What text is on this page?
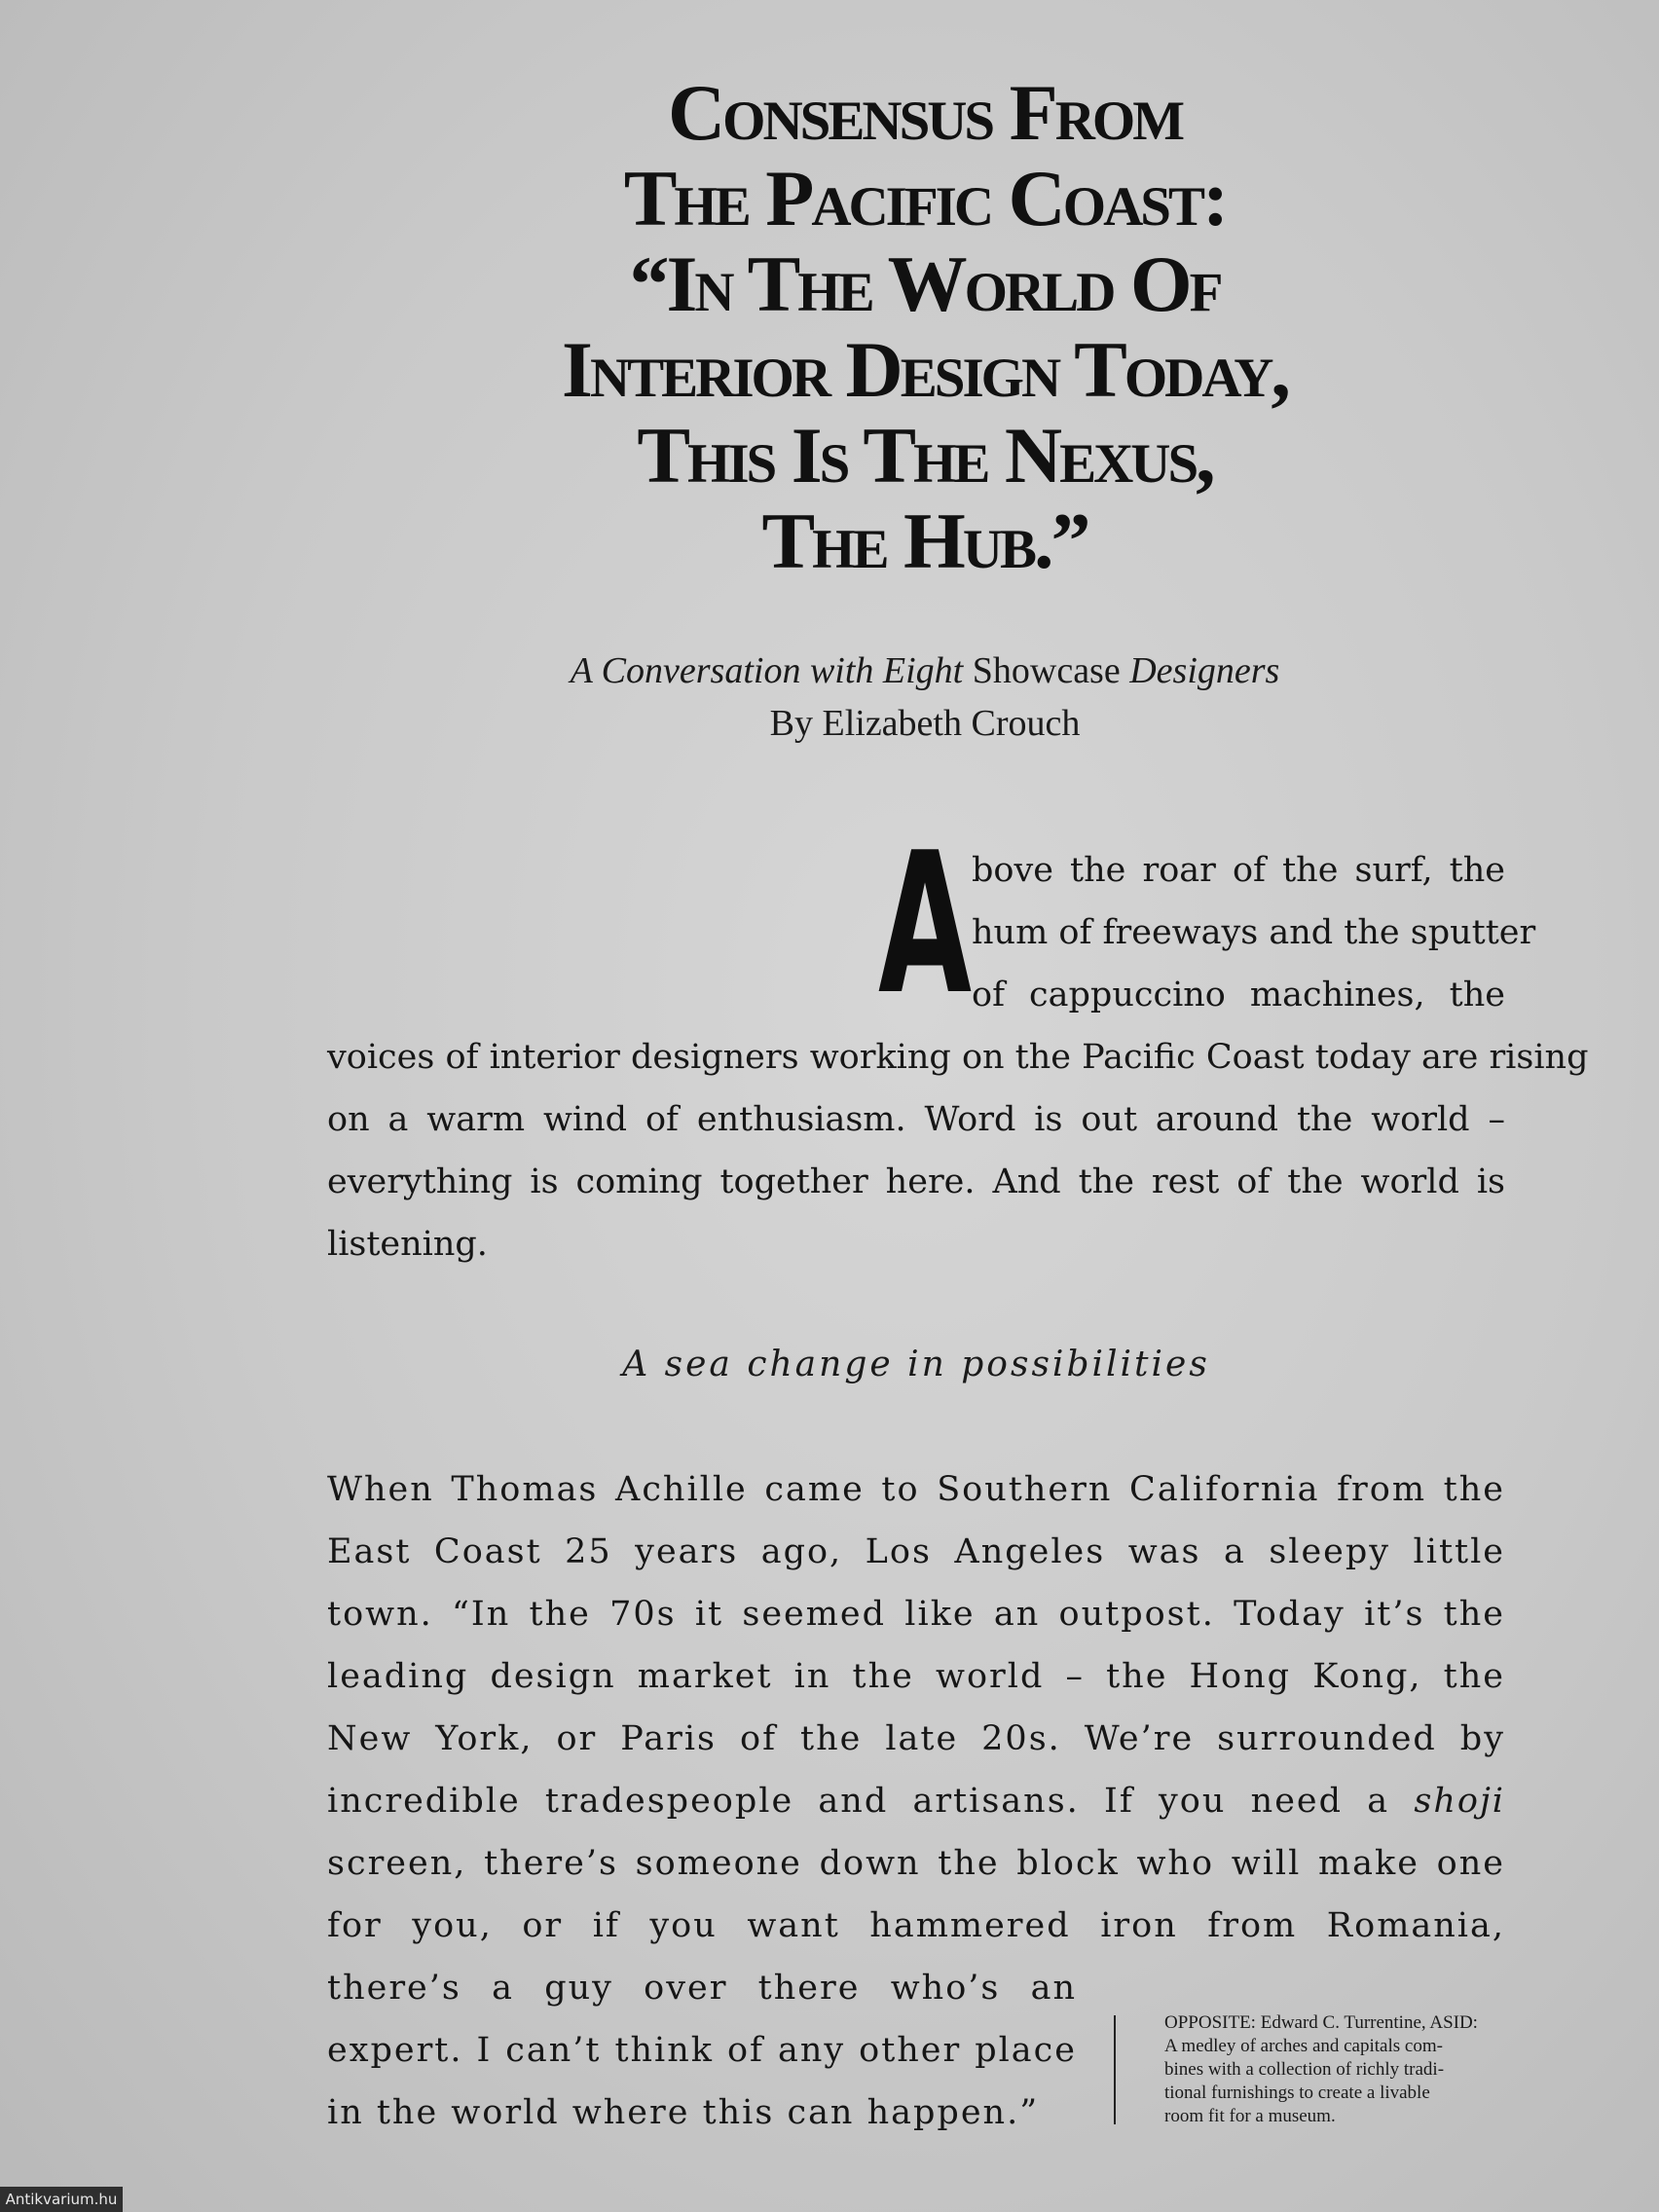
Consensus From
The Pacific Coast:
“In The World Of
Interior Design Today,
This Is The Nexus,
The Hub.”
A Conversation with Eight Showcase Designers
By Elizabeth Crouch
A bove the roar of the surf, the
hum of freeways and the sputter
of cappuccino machines, the
voices of interior designers working on the Pacific Coast today are rising
on a warm wind of enthusiasm. Word is out around the world –
everything is coming together here. And the rest of the world is
listening.
A sea change in possibilities
When Thomas Achille came to Southern California from the
East Coast 25 years ago, Los Angeles was a sleepy little
town. “In the 70s it seemed like an outpost. Today it’s the
leading design market in the world – the Hong Kong, the
New York, or Paris of the late 20s. We’re surrounded by
incredible tradespeople and artisans. If you need a shoji
screen, there’s someone down the block who will make one
for you, or if you want hammered iron from Romania,
there’s a guy over there who’s an
expert. I can’t think of any other place
in the world where this can happen.”
OPPOSITE: Edward C. Turrentine, ASID:
A medley of arches and capitals com-
bines with a collection of richly tradi-
tional furnishings to create a livable
room fit for a museum.
Antikvarium.hu
